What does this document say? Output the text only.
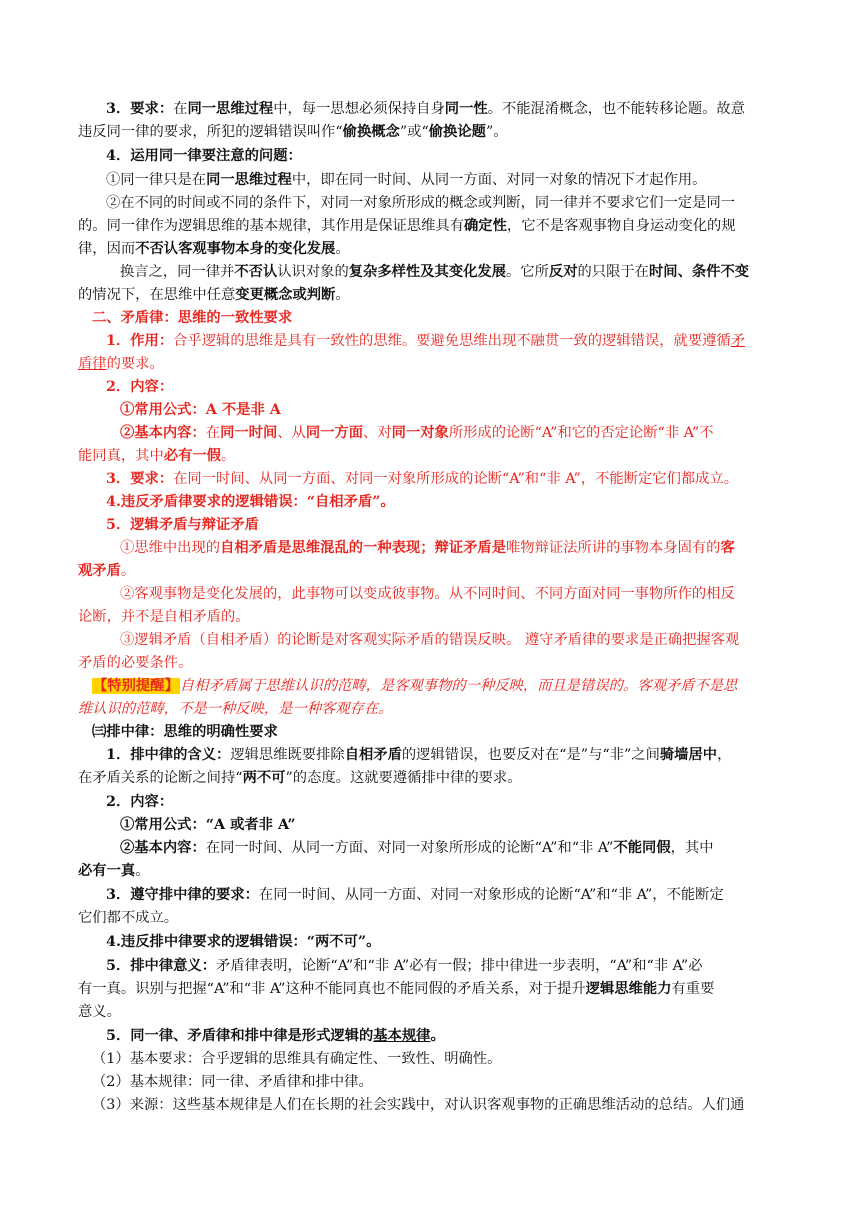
3．要求：在同一思维过程中，每一思想必须保持自身同一性。不能混淆概念，也不能转移论题。故意
违反同一律的要求，所犯的逻辑错误叫作“偷换概念”或“偷换论题”。
4．运用同一律要注意的问题：
①同一律只是在同一思维过程中，即在同一时间、从同一方面、对同一对象的情况下才起作用。
②在不同的时间或不同的条件下，对同一对象所形成的概念或判断，同一律并不要求它们一定是同一
的。同一律作为逻辑思维的基本规律，其作用是保证思维具有确定性，它不是客观事物自身运动变化的规
律，因而不否认客观事物本身的变化发展。
换言之，同一律并不否认认识对象的复杂多样性及其变化发展。它所反对的只限于在时间、条件不变
的情况下，在思维中任意变更概念或判断。
二、矛盾律：思维的一致性要求
1．作用：合乎逻辑的思维是具有一致性的思维。要避免思维出现不融贯一致的逻辑错误，就要遵循矛
盾律的要求。
2．内容：
①常用公式：A 不是非 A
②基本内容：在同一时间、从同一方面、对同一对象所形成的论断“A”和它的否定论断“非 A”不
能同真，其中必有一假。
3．要求：在同一时间、从同一方面、对同一对象所形成的论断“A”和“非 A”，不能断定它们都成立。
4.违反矛盾律要求的逻辑错误：“自相矛盾”。
5．逻辑矛盾与辩证矛盾
①思维中出现的自相矛盾是思维混乱的一种表现；辩证矛盾是唯物辩证法所讲的事物本身固有的客
观矛盾。
②客观事物是变化发展的，此事物可以变成彼事物。从不同时间、不同方面对同一事物所作的相反
论断，并不是自相矛盾的。
③逻辑矛盾（自相矛盾）的论断是对客观实际矛盾的错误反映。 遵守矛盾律的要求是正确把握客观
矛盾的必要条件。
【特别提醒】自相矛盾属于思维认识的范畴，是客观事物的一种反映，而且是错误的。客观矛盾不是思
维认识的范畴，不是一种反映，是一种客观存在。
㈢排中律：思维的明确性要求
1．排中律的含义：逻辑思维既要排除自相矛盾的逻辑错误，也要反对在“是”与“非”之间骑墙居中，
在矛盾关系的论断之间持“两不可”的态度。这就要遵循排中律的要求。
2．内容：
①常用公式：“A 或者非 A”
②基本内容：在同一时间、从同一方面、对同一对象所形成的论断“A”和“非 A”不能同假，其中
必有一真。
3．遵守排中律的要求：在同一时间、从同一方面、对同一对象形成的论断“A”和“非 A”，不能断定
它们都不成立。
4.违反排中律要求的逻辑错误：“两不可”。
5．排中律意义：矛盾律表明，论断“A”和“非 A”必有一假；排中律进一步表明，“A”和“非 A”必
有一真。识别与把握“A”和“非 A”这种不能同真也不能同假的矛盾关系，对于提升逻辑思维能力有重要
意义。
5．同一律、矛盾律和排中律是形式逻辑的基本规律。
（1）基本要求：合乎逻辑的思维具有确定性、一致性、明确性。
（2）基本规律：同一律、矛盾律和排中律。
（3）来源：这些基本规律是人们在长期的社会实践中，对认识客观事物的正确思维活动的总结。人们通
